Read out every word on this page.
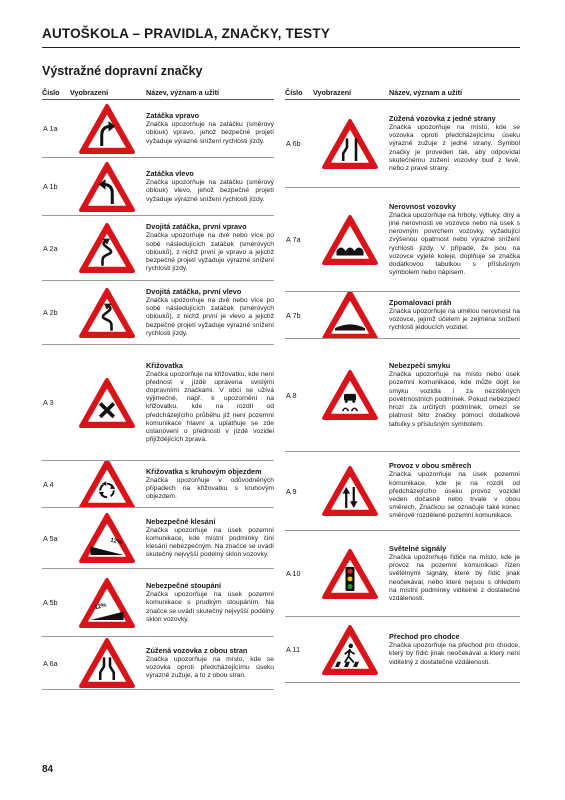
AUTOŠKOLA – PRAVIDLA, ZNAČKY, TESTY
Výstražné dopravní značky
Číslo	Vyobrazení	Název, význam a užití
A 1a
Zatáčka vpravo
Značka upozorňuje na zatáčku (směrový oblouk) vpravo, jehož bezpečné projetí vyžaduje výrazné snížení rychlosti jízdy.
A 1b
Zatáčka vlevo
Značka upozorňuje na zatáčku (směrový oblouk) vlevo, jehož bezpečné projetí vyžaduje výrazné snížení rychlosti jízdy.
A 2a
Dvojitá zatáčka, první vpravo
Značka upozorňuje na dvě nebo více po sobě následujících zatáček (směrových oblouků), z nichž první je vpravo a jejichž bezpečné projetí vyžaduje výrazné snížení rychlosti jízdy.
A 2b
Dvojitá zatáčka, první vlevo
Značka upozorňuje na dvě nebo více po sobě následujících zatáček (směrových oblouků), z nichž první je vlevo a jejichž bezpečné projetí vyžaduje výrazné snížení rychlosti jízdy.
A 3
Křižovatka
Značka upozorňuje na křižovatku, kde není přednost v jízdě upravena svislými dopravními značkami. V obci se užívá výjimečně, např. k upozornění na křižovatku, kde na rozdíl od předcházejícího průběhu jíž není pozemní komunikace hlavní a uplatňuje se zde ustanovení o přednosti v jízdě vozidel přijíždějících zprava.
A 4
Křižovatka s kruhovým objezdem
Značka upozorňuje v odůvodněných případech na křižovatku s kruhovým objezdem.
A 5a	12%
Nebezpečné klesání
Značka upozorňuje na úsek pozemní komunikace, kde místní podmínky činí klesání nebezpečným. Na značce se uvádí skutečný nejvyšší podélný sklon vozovky.
A 5b	12%
Nebezpečné stoupání
Značka upozorňuje na úsek pozemní komunikace s prudkým stoupáním. Na značce se uvádí skutečný nejvyšší podélný sklon vozovky.
A 6a
Zúžená vozovka z obou stran
Značka upozorňuje na místo, kde se vozovka oproti předcházejícímu úseku výrazně zužuje, a to z obou stran.
Číslo	Vyobrazení	Název, význam a užití
A 6b
Zúžená vozovka z jedné strany
Značka upozorňuje na místo, kde se vozovka oproti předcházejícímu úseku výrazně zužuje z jedné strany. Symbol značky je proveden tak, aby odpovídal skutečnému zúžení vozovky buď z levé, nebo z pravé strany.
A 7a
Nerovnost vozovky
Značka upozorňuje na hrboly, výtluky, díry a jiné nerovnosti ve vozovce nebo na úsek s nerovným povrchem vozovky, vyžadující zvýšenou opatrnost nebo výrazné snížení rychlosti jízdy. V případě, že jsou na vozovce vyjeté koleje, doplňuje se značka dodatkovou tabulkou s příslušným symbolem nebo nápisem.
A 7b
Zpomalovací práh
Značka upozorňuje na umělou nerovnost na vozovce, jejímž účelem je zejména snížení rychlosti jedoucích vozidel.
A 8
Nebezpečí smyku
Značka upozorňuje na místo nebo úsek pozemní komunikace, kde může dojít ke smyku vozidla i za nezištěných povětrnostních podmínek. Pokud nebezpečí hrozí za určitých podmínek, omezí se platnost této značky pomocí dodatkové tabulky s příslušným symbolem.
A 9
Provoz v obou směrech
Značka upozorňuje na úsek pozemní komunikace, kde je na rozdíl od předcházejícího úseku provoz vozidel veden dočasně nebo trvale v obou směrech. Značkou se označuje také konec směrově rozdělené pozemní komunikace.
A 10
Světelné signály
Značka upozorňuje řidiče na místo, kde je provoz na pozemní komunikaci řízen světelnými signály, které by řidič jinak neočekával, nebo které nejsou s ohledem na místní podmínky viditelné z dostatečné vzdálenosti.
A 11
Přechod pro chodce
Značka upozorňuje na přechod pro chodce, který by řidič jinak neočekával a který není viditelný z dostatečné vzdálenosti.
84
